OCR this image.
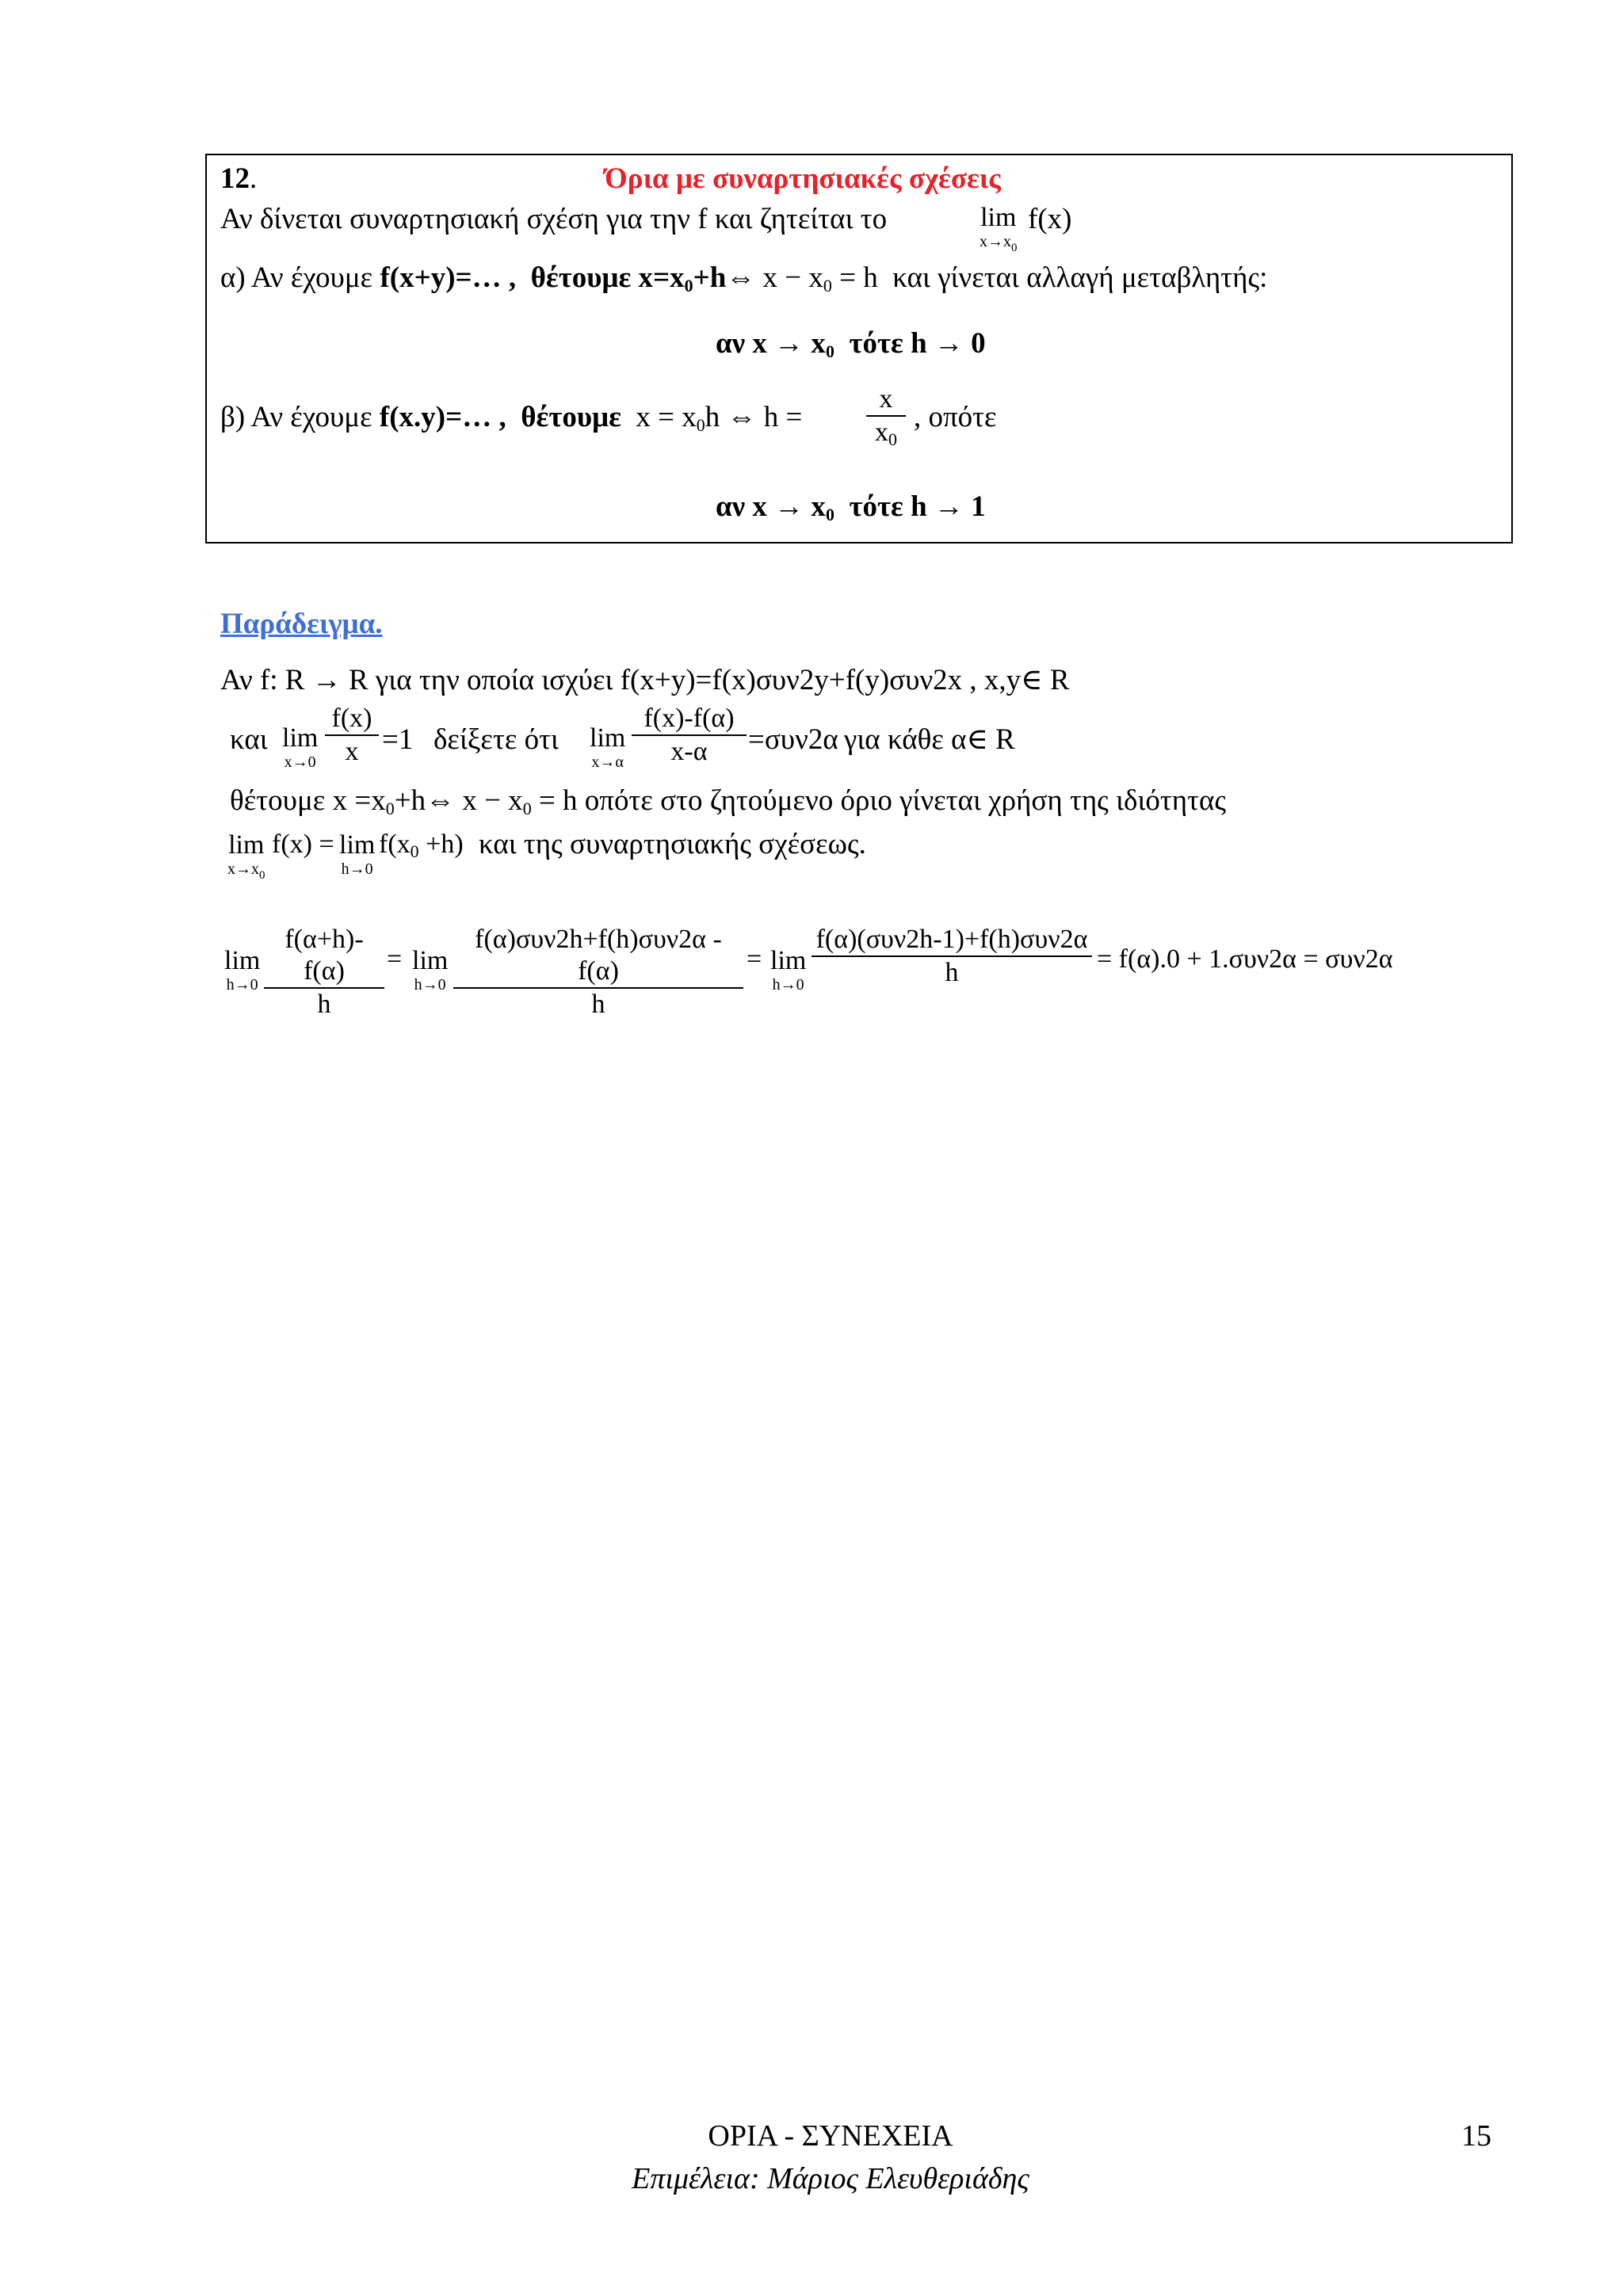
12.	Όρια με συναρτησιακές σχέσεις
Αν δίνεται συναρτησιακή σχέση για την f και ζητείται το	lim
$x\to x_0$
f(x)
α) Αν έχουμε f(x+y)=… , θέτουμε $x=x_0+h\Leftrightarrow$ $x - x_0 = h$ και γίνεται αλλαγή μεταβλητής:
αν $x \to x_0$ τότε h → 0
β) Αν έχουμε f(x.y)=… , θέτουμε $x = x_0h$ ⇔ $h = \frac{x}{x_0}$ , οπότε
αν $x \to x_0$ τότε h → 1
Παράδειγμα.
Αν f: R → R για την οποία ισχύει f(x+y)=f(x)συν2y+f(y)συν2x , x,y∈ R
και lim
$x\to 0 \frac{f(x)}{x} =1$ δείξετε ότι lim
$x\to\alpha \frac{f(x)-f(\alpha)}{x-\alpha} =\sigma\upsilon\nu 2\alpha$ για κάθε α∈ R
θέτουμε $x =x_0+h\Leftrightarrow$ $x - x_0 = h$ οπότε στο ζητούμενο όριο γίνεται χρήση της ιδιότητας
lim
$x\to x_0$
f(x) = lim
h→0
$f(x_0 +h)$ και της συναρτησιακής σχέσεως.
lim
$h\to 0 \frac{f(\alpha+h)-f(\alpha)}{h} = \lim$
h→0
f(α)συν2h+f(h)συν2α -f(α)
h
= lim
h→0
f(α)(συν2h-1)+f(h)συν2α
h	= f(α).0 + 1.συν2α = συν2α
ΟΡΙΑ - ΣΥΝΕΧΕΙΑ
Επιμέλεια: Μάριος Ελευθεριάδης
15
